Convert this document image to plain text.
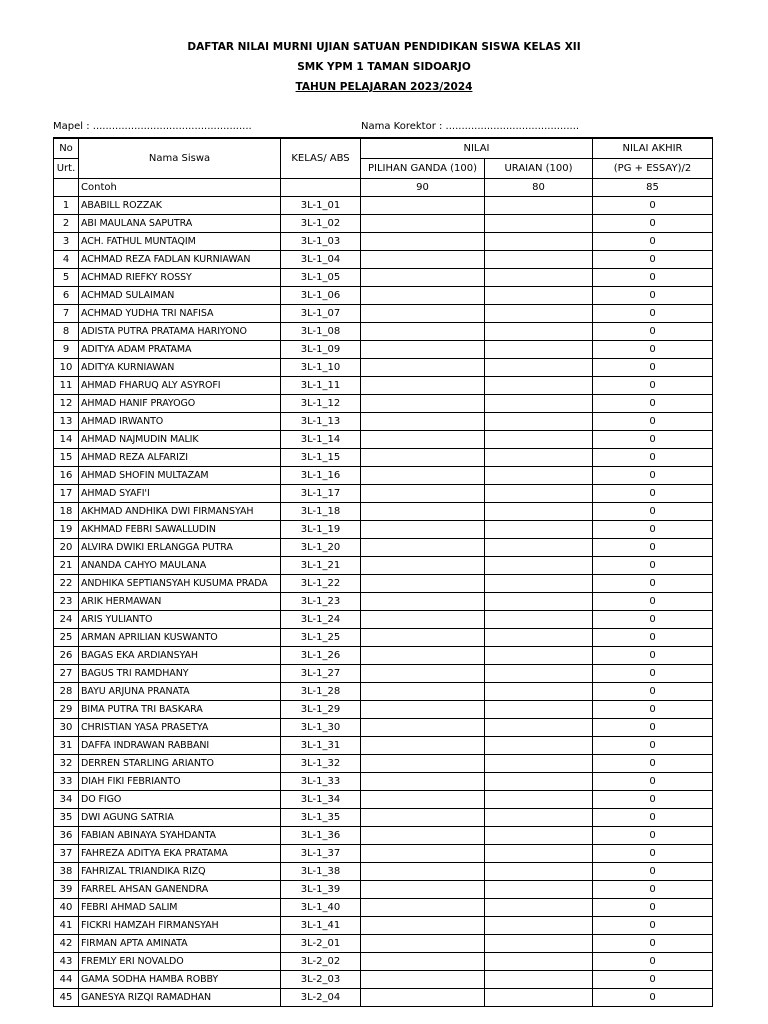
DAFTAR NILAI MURNI UJIAN SATUAN PENDIDIKAN SISWA KELAS XII
SMK YPM 1 TAMAN SIDOARJO
TAHUN PELAJARAN 2023/2024
Mapel : ..................................................	Nama Korektor : ..........................................
No	Nama Siswa	KELAS/ ABS	NILAI		NILAI AKHIR
Urt.			PILIHAN GANDA (100)	URAIAN (100)	(PG + ESSAY)/2
	Contoh		90	80	85
1	ABABILL ROZZAK	3L-1_01			0
2	ABI MAULANA SAPUTRA	3L-1_02			0
3	ACH. FATHUL MUNTAQIM	3L-1_03			0
4	ACHMAD REZA FADLAN KURNIAWAN	3L-1_04			0
5	ACHMAD RIEFKY ROSSY	3L-1_05			0
6	ACHMAD SULAIMAN	3L-1_06			0
7	ACHMAD YUDHA TRI NAFISA	3L-1_07			0
8	ADISTA PUTRA PRATAMA HARIYONO	3L-1_08			0
9	ADITYA ADAM PRATAMA	3L-1_09			0
10	ADITYA KURNIAWAN	3L-1_10			0
11	AHMAD FHARUQ ALY ASYROFI	3L-1_11			0
12	AHMAD HANIF PRAYOGO	3L-1_12			0
13	AHMAD IRWANTO	3L-1_13			0
14	AHMAD NAJMUDIN MALIK	3L-1_14			0
15	AHMAD REZA ALFARIZI	3L-1_15			0
16	AHMAD SHOFIN MULTAZAM	3L-1_16			0
17	AHMAD SYAFI'I	3L-1_17			0
18	AKHMAD ANDHIKA DWI FIRMANSYAH	3L-1_18			0
19	AKHMAD FEBRI SAWALLUDIN	3L-1_19			0
20	ALVIRA DWIKI ERLANGGA PUTRA	3L-1_20			0
21	ANANDA CAHYO MAULANA	3L-1_21			0
22	ANDHIKA SEPTIANSYAH KUSUMA PRADA	3L-1_22			0
23	ARIK HERMAWAN	3L-1_23			0
24	ARIS YULIANTO	3L-1_24			0
25	ARMAN APRILIAN KUSWANTO	3L-1_25			0
26	BAGAS EKA ARDIANSYAH	3L-1_26			0
27	BAGUS TRI RAMDHANY	3L-1_27			0
28	BAYU ARJUNA PRANATA	3L-1_28			0
29	BIMA PUTRA TRI BASKARA	3L-1_29			0
30	CHRISTIAN YASA PRASETYA	3L-1_30			0
31	DAFFA INDRAWAN RABBANI	3L-1_31			0
32	DERREN STARLING ARIANTO	3L-1_32			0
33	DIAH FIKI FEBRIANTO	3L-1_33			0
34	DO FIGO	3L-1_34			0
35	DWI AGUNG SATRIA	3L-1_35			0
36	FABIAN ABINAYA SYAHDANTA	3L-1_36			0
37	FAHREZA ADITYA EKA PRATAMA	3L-1_37			0
38	FAHRIZAL TRIANDIKA RIZQ	3L-1_38			0
39	FARREL AHSAN GANENDRA	3L-1_39			0
40	FEBRI AHMAD SALIM	3L-1_40			0
41	FICKRI HAMZAH FIRMANSYAH	3L-1_41			0
42	FIRMAN APTA AMINATA	3L-2_01			0
43	FREMLY ERI NOVALDO	3L-2_02			0
44	GAMA SODHA HAMBA ROBBY	3L-2_03			0
45	GANESYA RIZQI RAMADHAN	3L-2_04			0
